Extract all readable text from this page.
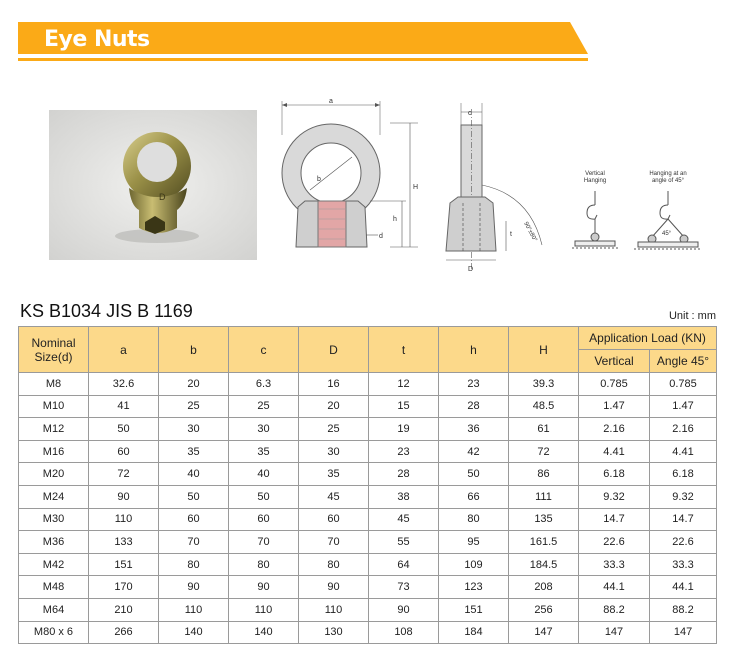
Eye Nuts
D
a
b
H
h
d
c
t
D
90°±80°
Vertical
Hanging
Hanging at an
angle of 45°
45°
KS B1034 JIS B 1169	Unit : mm
Nominal
Size(d)	a	b	c	D	t	h	H	Application Load (KN)	
								Vertical	Angle 45°
M8	32.6	20	6.3	16	12	23	39.3	0.785	0.785
M10	41	25	25	20	15	28	48.5	1.47	1.47
M12	50	30	30	25	19	36	61	2.16	2.16
M16	60	35	35	30	23	42	72	4.41	4.41
M20	72	40	40	35	28	50	86	6.18	6.18
M24	90	50	50	45	38	66	111	9.32	9.32
M30	110	60	60	60	45	80	135	14.7	14.7
M36	133	70	70	70	55	95	161.5	22.6	22.6
M42	151	80	80	80	64	109	184.5	33.3	33.3
M48	170	90	90	90	73	123	208	44.1	44.1
M64	210	110	110	110	90	151	256	88.2	88.2
M80 x 6	266	140	140	130	108	184	147	147	147
